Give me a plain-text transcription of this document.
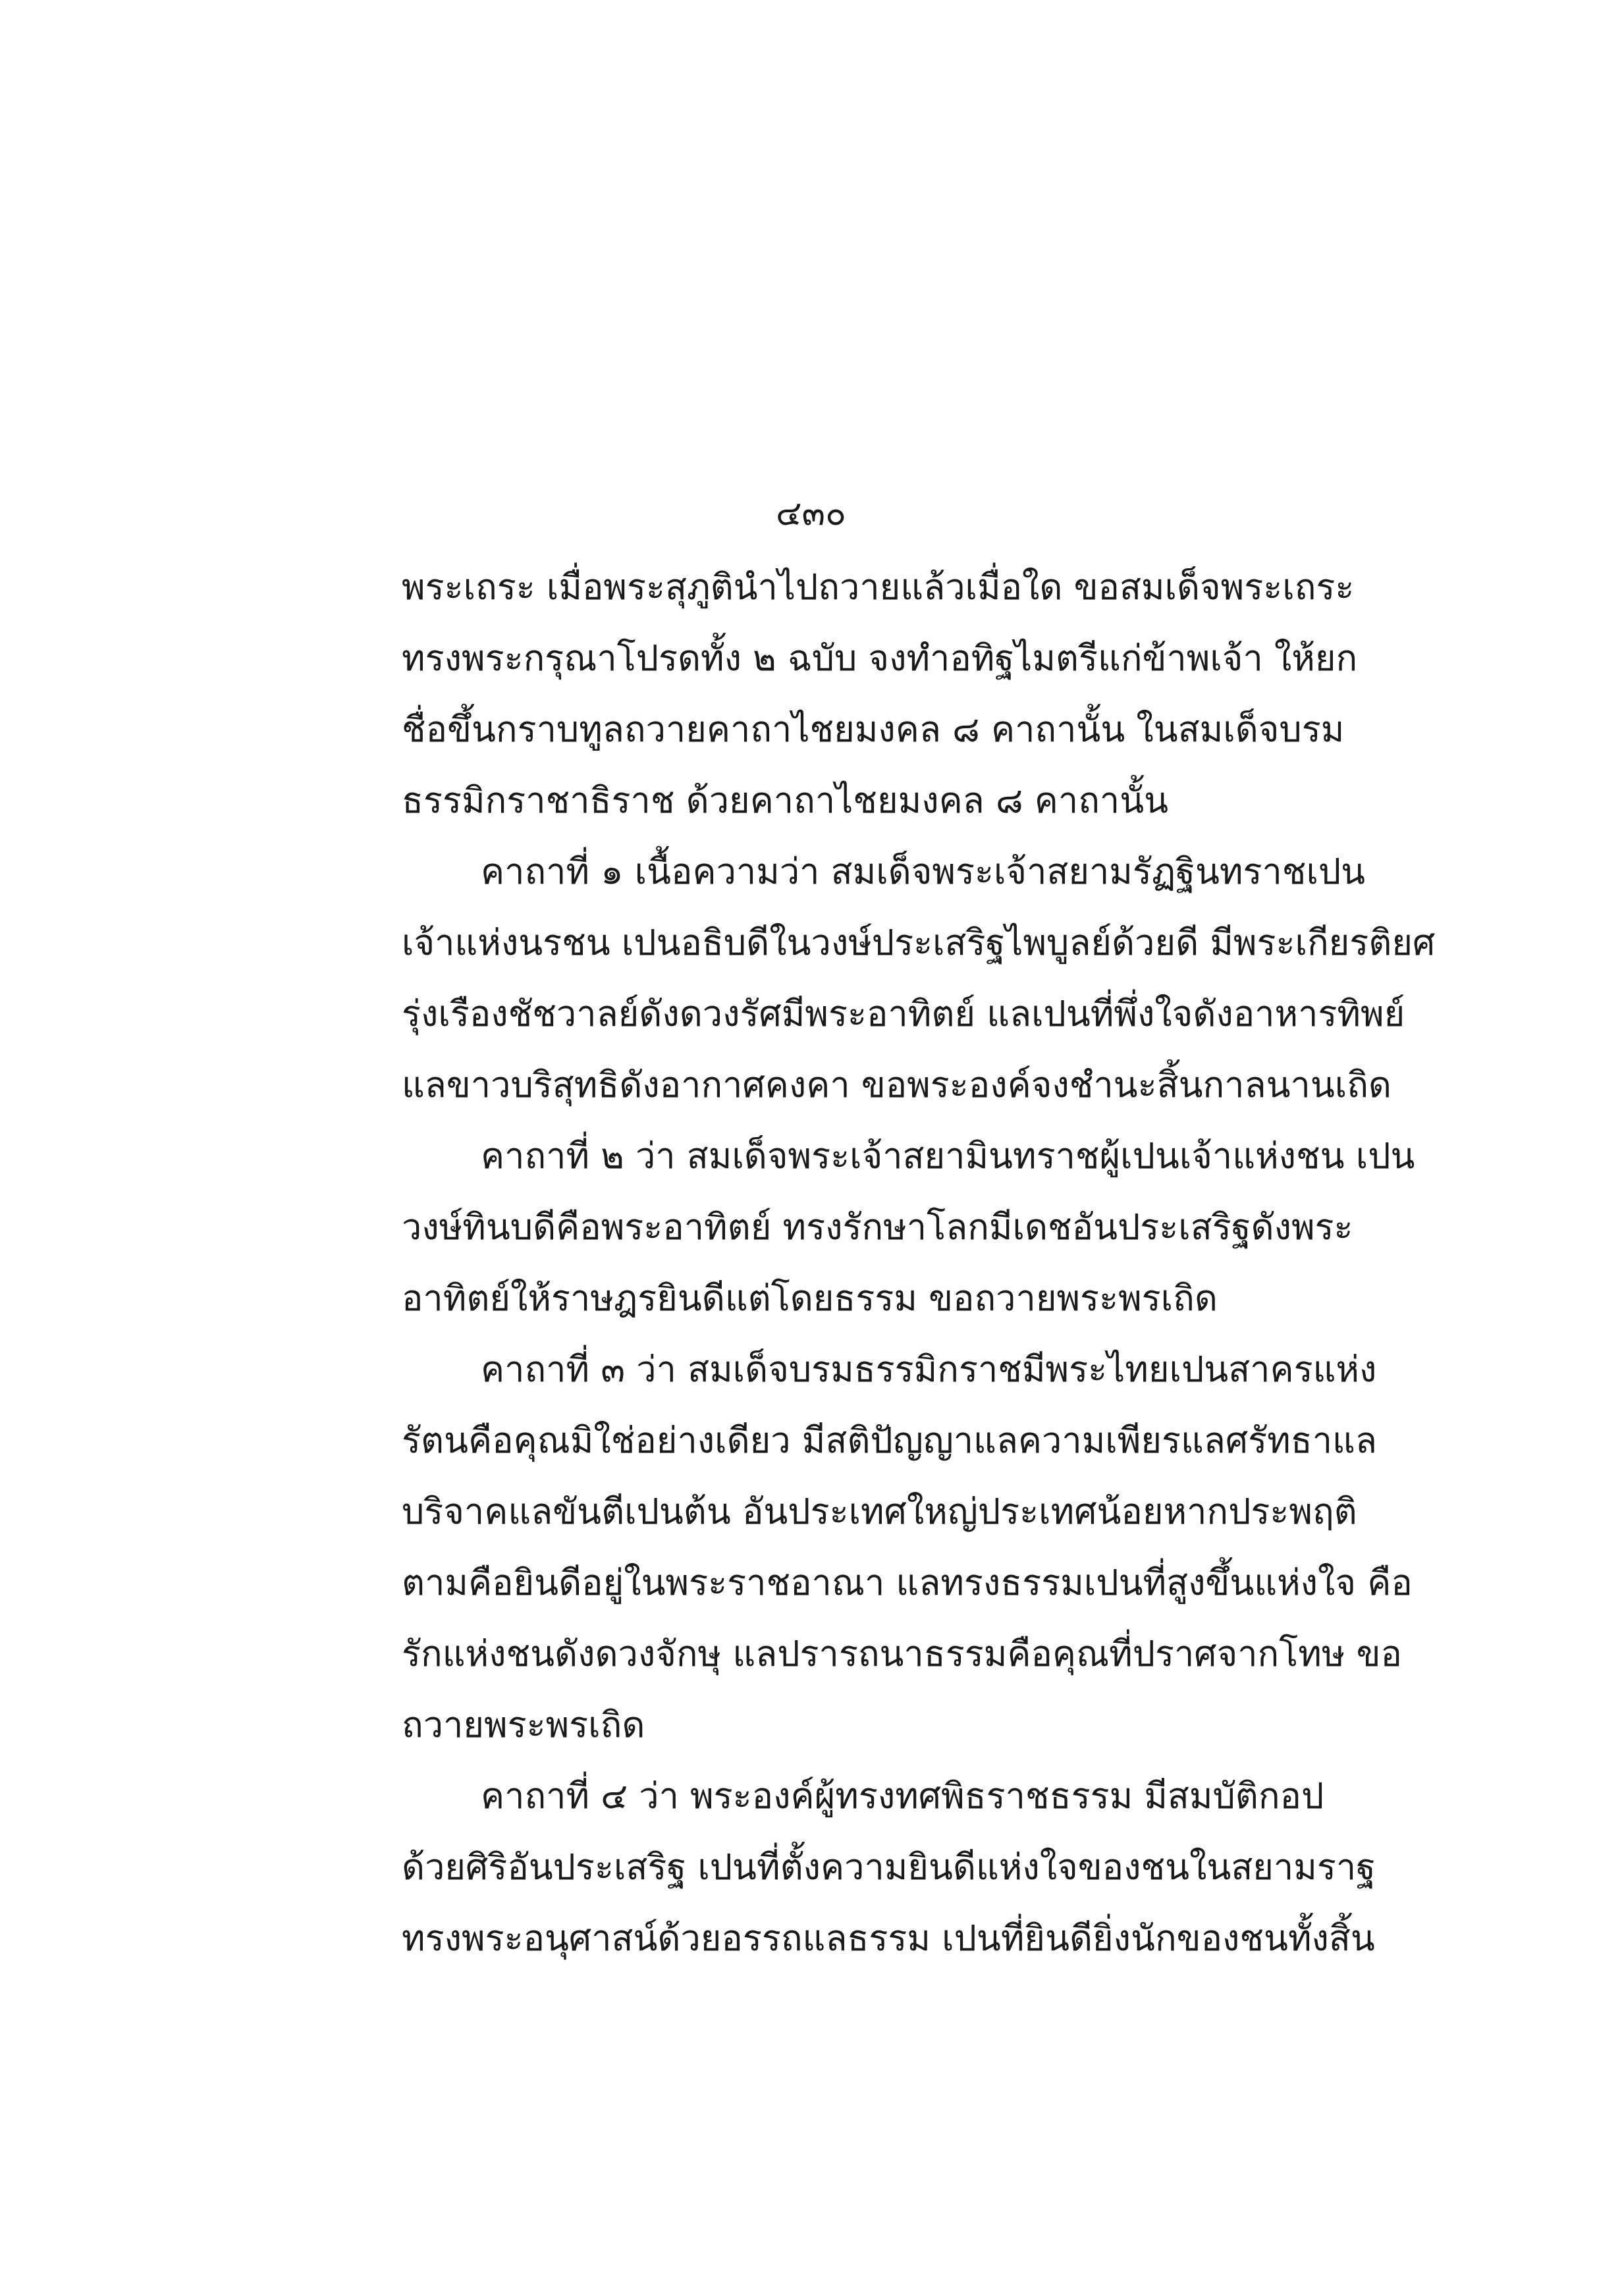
๔๓๐
พระเถระ เมื่อพระสุภูตินำไปถวายแล้วเมื่อใด ขอสมเด็จพระเถระ
ทรงพระกรุณาโปรดทั้ง ๒ ฉบับ จงทำอทิฐไมตรีแก่ข้าพเจ้า ให้ยก
ชื่อขึ้นกราบทูลถวายคาถาไชยมงคล ๘ คาถานั้น ในสมเด็จบรม
ธรรมิกราชาธิราช ด้วยคาถาไชยมงคล ๘ คาถานั้น
คาถาที่ ๑ เนื้อความว่า สมเด็จพระเจ้าสยามรัฏฐินทราชเปน
เจ้าแห่งนรชน เปนอธิบดีในวงษ์ประเสริฐไพบูลย์ด้วยดี มีพระเกียรติยศ
รุ่งเรืองชัชวาลย์ดังดวงรัศมีพระอาทิตย์ แลเปนที่พึ่งใจดังอาหารทิพย์
แลขาวบริสุทธิดังอากาศคงคา ขอพระองค์จงชำนะสิ้นกาลนานเถิด
คาถาที่ ๒ ว่า สมเด็จพระเจ้าสยามินทราชผู้เปนเจ้าแห่งชน เปน
วงษ์ทินบดีคือพระอาทิตย์ ทรงรักษาโลกมีเดชอันประเสริฐดังพระ
อาทิตย์ให้ราษฎรยินดีแต่โดยธรรม ขอถวายพระพรเถิด
คาถาที่ ๓ ว่า สมเด็จบรมธรรมิกราชมีพระไทยเปนสาครแห่ง
รัตนคือคุณมิใช่อย่างเดียว มีสติปัญญาแลความเพียรแลศรัทธาแล
บริจาคแลขันตีเปนต้น อันประเทศใหญ่ประเทศน้อยหากประพฤติ
ตามคือยินดีอยู่ในพระราชอาณา แลทรงธรรมเปนที่สูงขึ้นแห่งใจ คือ
รักแห่งชนดังดวงจักษุ แลปรารถนาธรรมคือคุณที่ปราศจากโทษ ขอ
ถวายพระพรเถิด
คาถาที่ ๔ ว่า พระองค์ผู้ทรงทศพิธราชธรรม มีสมบัติกอป
ด้วยศิริอันประเสริฐ เปนที่ตั้งความยินดีแห่งใจของชนในสยามราฐ
ทรงพระอนุศาสน์ด้วยอรรถแลธรรม เปนที่ยินดียิ่งนักของชนทั้งสิ้น
